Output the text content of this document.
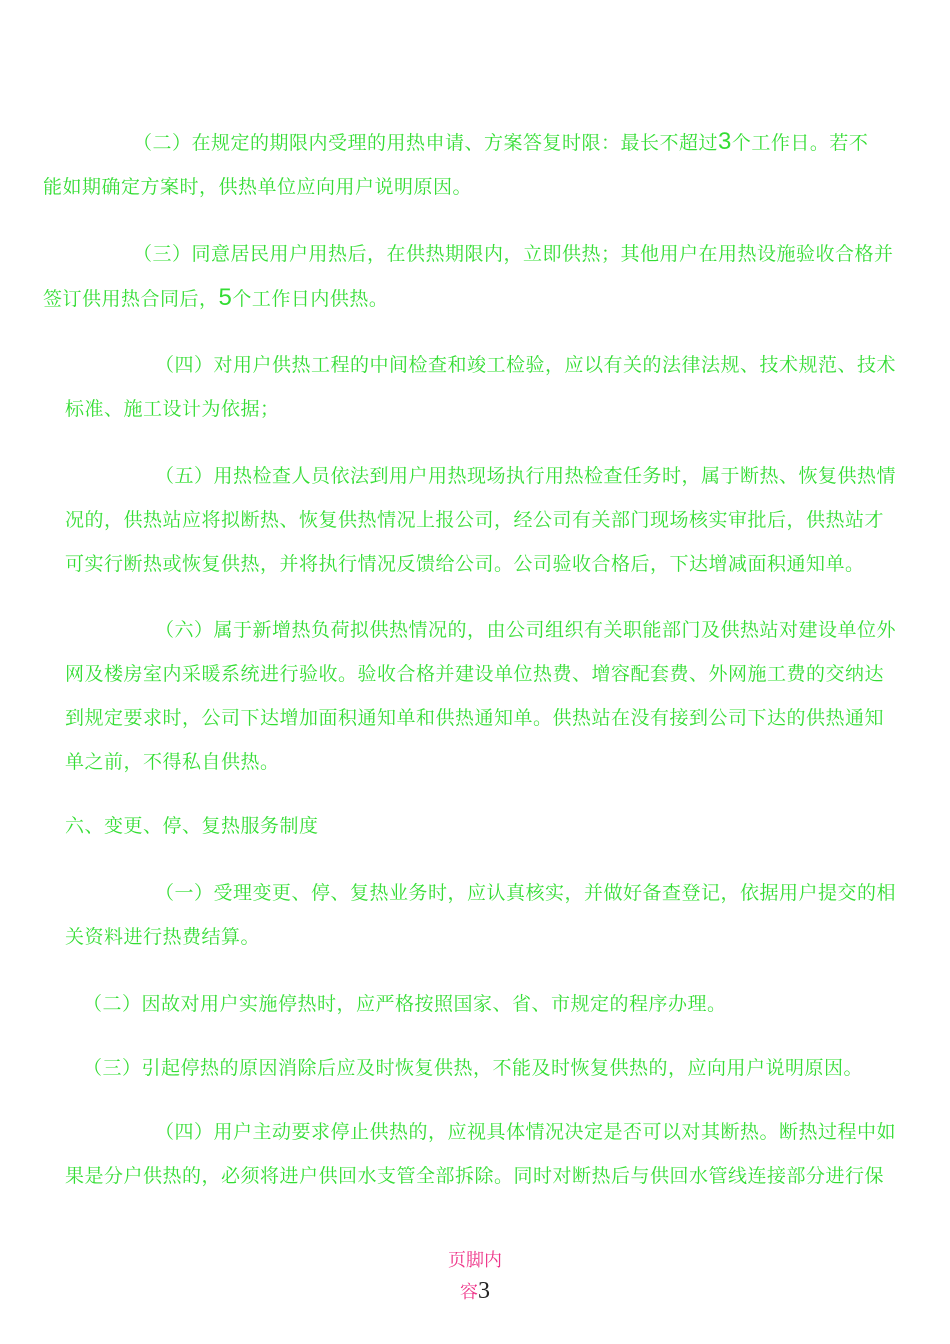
（二）在规定的期限内受理的用热申请、方案答复时限：最长不超过3个工作日。若不
能如期确定方案时，供热单位应向用户说明原因。
（三）同意居民用户用热后，在供热期限内，立即供热；其他用户在用热设施验收合格并
签订供用热合同后，5个工作日内供热。
（四）对用户供热工程的中间检查和竣工检验，应以有关的法律法规、技术规范、技术
标准、施工设计为依据；
（五）用热检查人员依法到用户用热现场执行用热检查任务时，属于断热、恢复供热情
况的，供热站应将拟断热、恢复供热情况上报公司，经公司有关部门现场核实审批后，供热站才
可实行断热或恢复供热，并将执行情况反馈给公司。公司验收合格后，下达增减面积通知单。
（六）属于新增热负荷拟供热情况的，由公司组织有关职能部门及供热站对建设单位外
网及楼房室内采暖系统进行验收。验收合格并建设单位热费、增容配套费、外网施工费的交纳达
到规定要求时，公司下达增加面积通知单和供热通知单。供热站在没有接到公司下达的供热通知
单之前，不得私自供热。
六、变更、停、复热服务制度
（一）受理变更、停、复热业务时，应认真核实，并做好备查登记，依据用户提交的相
关资料进行热费结算。
（二）因故对用户实施停热时，应严格按照国家、省、市规定的程序办理。
（三）引起停热的原因消除后应及时恢复供热，不能及时恢复供热的，应向用户说明原因。
（四）用户主动要求停止供热的，应视具体情况决定是否可以对其断热。断热过程中如
果是分户供热的，必须将进户供回水支管全部拆除。同时对断热后与供回水管线连接部分进行保
页脚内
容3
